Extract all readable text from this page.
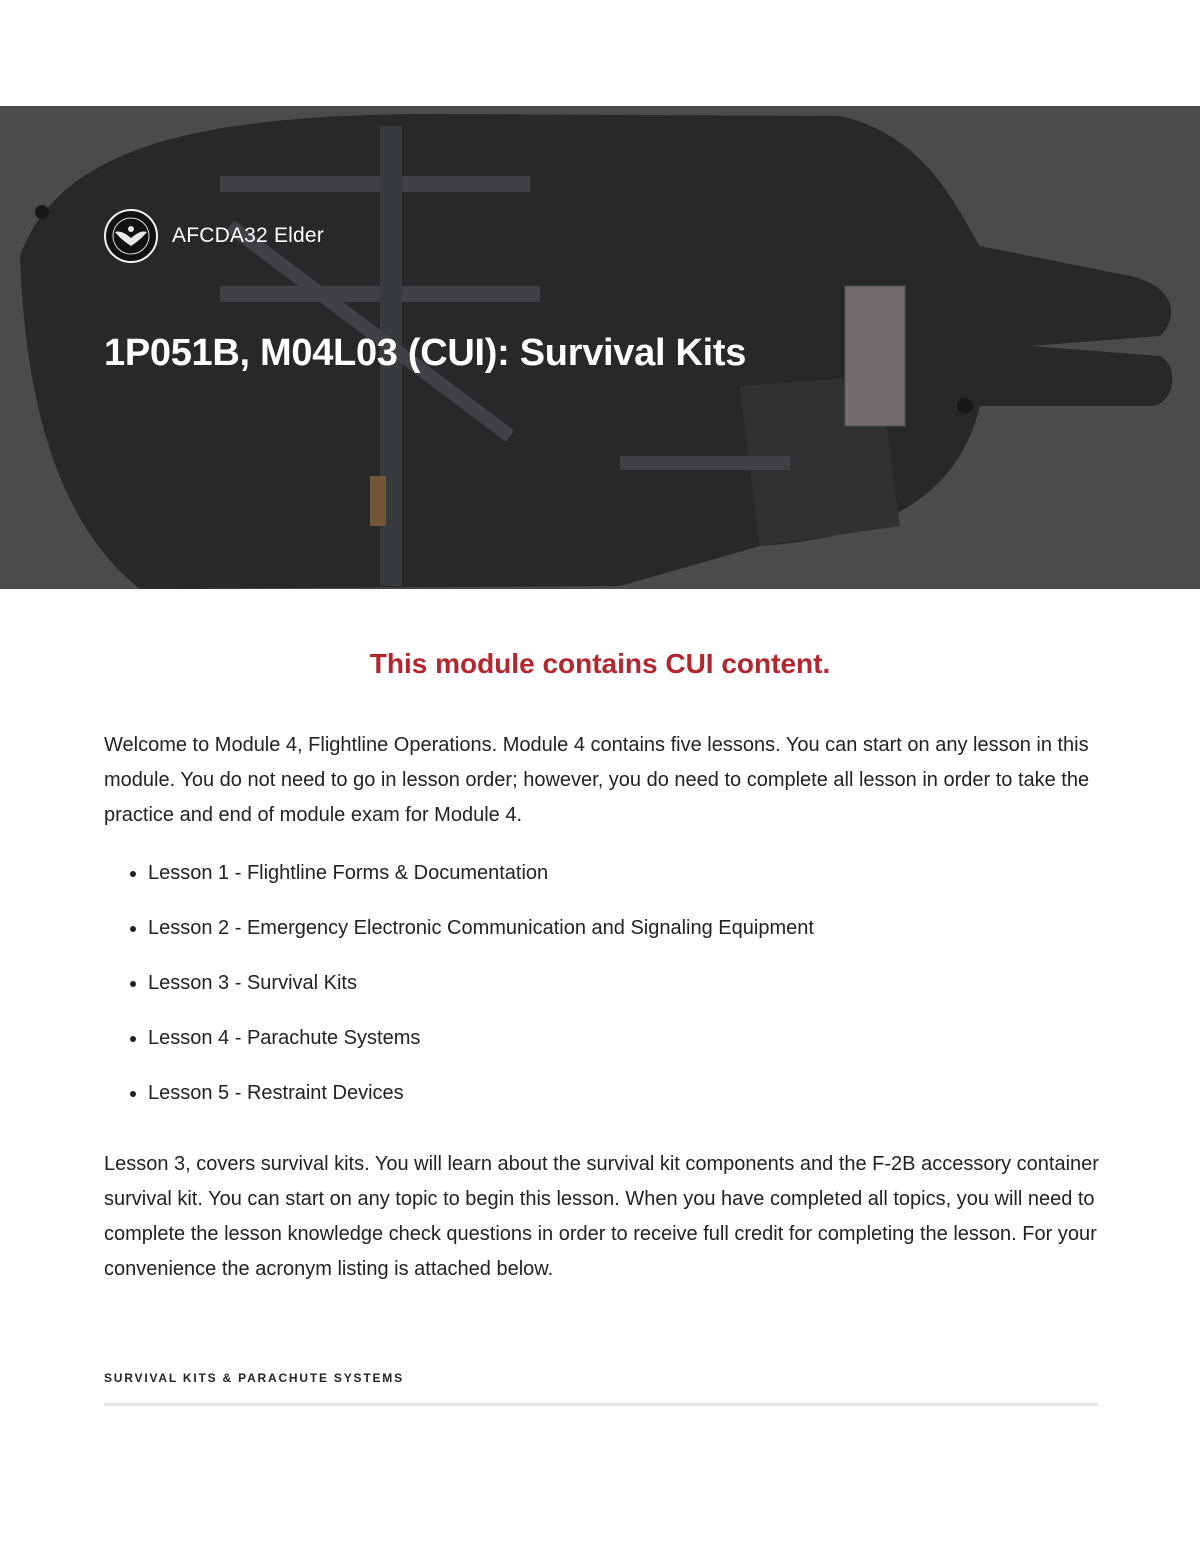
AFCDA32 Elder
1P051B, M04L03 (CUI): Survival Kits

This module contains CUI content.

Welcome to Module 4, Flightline Operations. Module 4 contains five lessons. You can start on any lesson in this module. You do not need to go in lesson order; however, you do need to complete all lesson in order to take the practice and end of module exam for Module 4.

• Lesson 1 - Flightline Forms & Documentation
• Lesson 2 - Emergency Electronic Communication and Signaling Equipment
• Lesson 3 - Survival Kits
• Lesson 4 - Parachute Systems
• Lesson 5 - Restraint Devices

Lesson 3, covers survival kits. You will learn about the survival kit components and the F-2B accessory container survival kit. You can start on any topic to begin this lesson. When you have completed all topics, you will need to complete the lesson knowledge check questions in order to receive full credit for completing the lesson. For your convenience the acronym listing is attached below.

SURVIVAL KITS & PARACHUTE SYSTEMS
